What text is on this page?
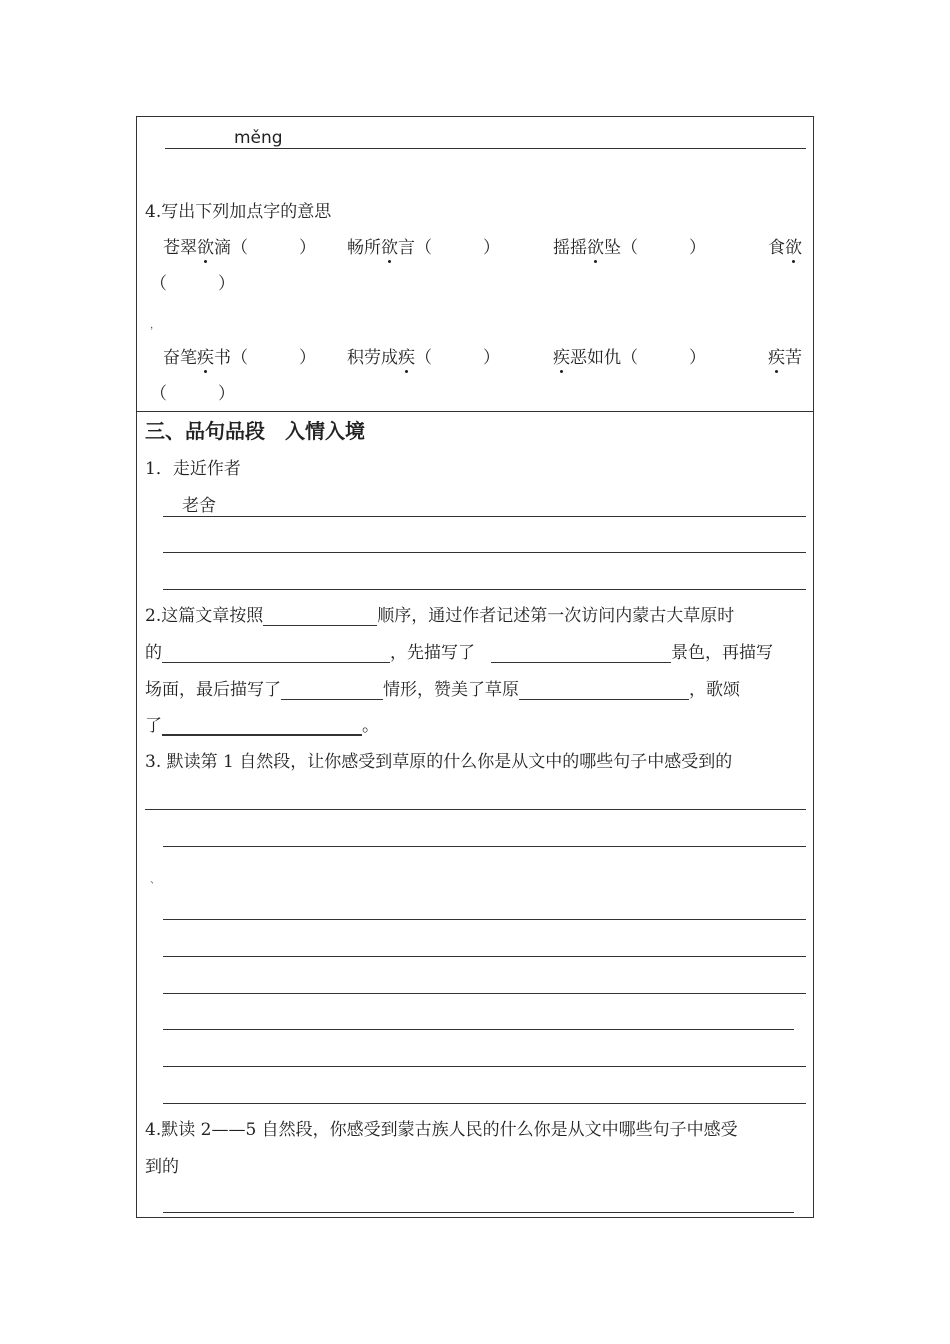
měng
4.写出下列加点字的意思
苍翠欲滴（　　　） 畅所欲言（　　　）	摇摇欲坠（　　　）	食欲
（　　　）
，
奋笔疾书（　　　） 积劳成疾（　　　）	疾恶如仇（　　　）	疾苦
（　　　）
三、品句品段　入情入境
1．走近作者
老舍
2.这篇文章按照	顺序，通过作者记述第一次访问内蒙古大草原时
的	，先描写了	景色，再描写
场面，最后描写了	情形，赞美了草原	，歌颂
了	。
3. 默读第 1 自然段，让你感受到草原的什么你是从文中的哪些句子中感受到的
、
4.默读 2——5 自然段，你感受到蒙古族人民的什么你是从文中哪些句子中感受
到的
